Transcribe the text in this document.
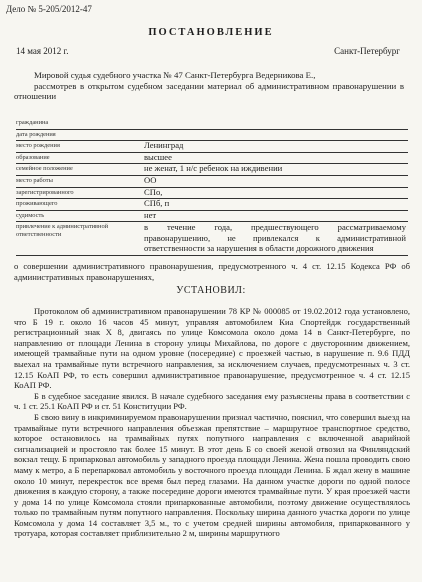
Дело № 5-205/2012-47
ПОСТАНОВЛЕНИЕ
14 мая 2012 г.	Санкт-Петербург
Мировой судья судебного участка № 47 Санкт-Петербурга Ведерникова Е.,
рассмотрев в открытом судебном заседании материал об административном правонарушении в отношении
гражданина
дата рождения
место рождения	Ленинград
образование	высшее
семейное положение	не женат, 1 н/с ребенок на иждивении
место работы	ОО
зарегистрированного	СПо,
проживающего	СПб, п
судимость	нет
привлечение к административной ответственности
в течение года, предшествующего рассматриваемому правонарушению, не привлекался к административной ответственности за нарушения в области дорожного движения
о совершении административного правонарушения, предусмотренного ч. 4 ст. 12.15 Кодекса РФ об административных правонарушениях,
УСТАНОВИЛ:

Протоколом об административном правонарушении 78 КР № 000085 от 19.02.2012 года установлено, что Б 19 г. около 16 часов 45 минут, управляя автомобилем Киа Спортейдж государственный регистрационный знак Х 8, двигаясь по улице Комсомола около дома 14 в Санкт-Петербурге, по направлению от площади Ленина в сторону улицы Михайлова, по дороге с двусторонним движением, имеющей трамвайные пути на одном уровне (посередине) с проезжей частью, в нарушение п. 9.6 ПДД выехал на трамвайные пути встречного направления, за исключением случаев, предусмотренных ч. 3 ст. 12.15 КоАП РФ, то есть совершил административное правонарушение, предусмотренное ч. 4 ст. 12.15 КоАП РФ.

Б в судебное заседание явился. В начале судебного заседания ему разъяснены права в соответствии с ч. 1 ст. 25.1 КоАП РФ и ст. 51 Конституции РФ.

Б свою вину в инкриминируемом правонарушении признал частично, пояснил, что совершил выезд на трамвайные пути встречного направления объезжая препятствие – маршрутное транспортное средство, которое остановилось на трамвайных путях попутного направления с включенной аварийной сигнализацией и простояло так более 15 минут. В этот день Б со своей женой отвозил на Финляндский вокзал тещу. Б припарковал автомобиль у западного проезда площади Ленина. Жена пошла проводить свою маму к метро, а Б перепарковал автомобиль у восточного проезда площади Ленина. Б ждал жену в машине около 10 минут, перекресток все время был перед глазами. На данном участке дороги по одной полосе движения в каждую сторону, а также посередине дороги имеются трамвайные пути. У края проезжей части у дома 14 по улице Комсомола стояли припаркованные автомобили, поэтому движение осуществлялось только по трамвайным путям попутного направления. Поскольку ширина данного участка дороги по улице Комсомола у дома 14 составляет 3,5 м., то с учетом средней ширины автомобиля, припаркованного у тротуара, которая составляет приблизительно 2 м, ширины маршрутного
